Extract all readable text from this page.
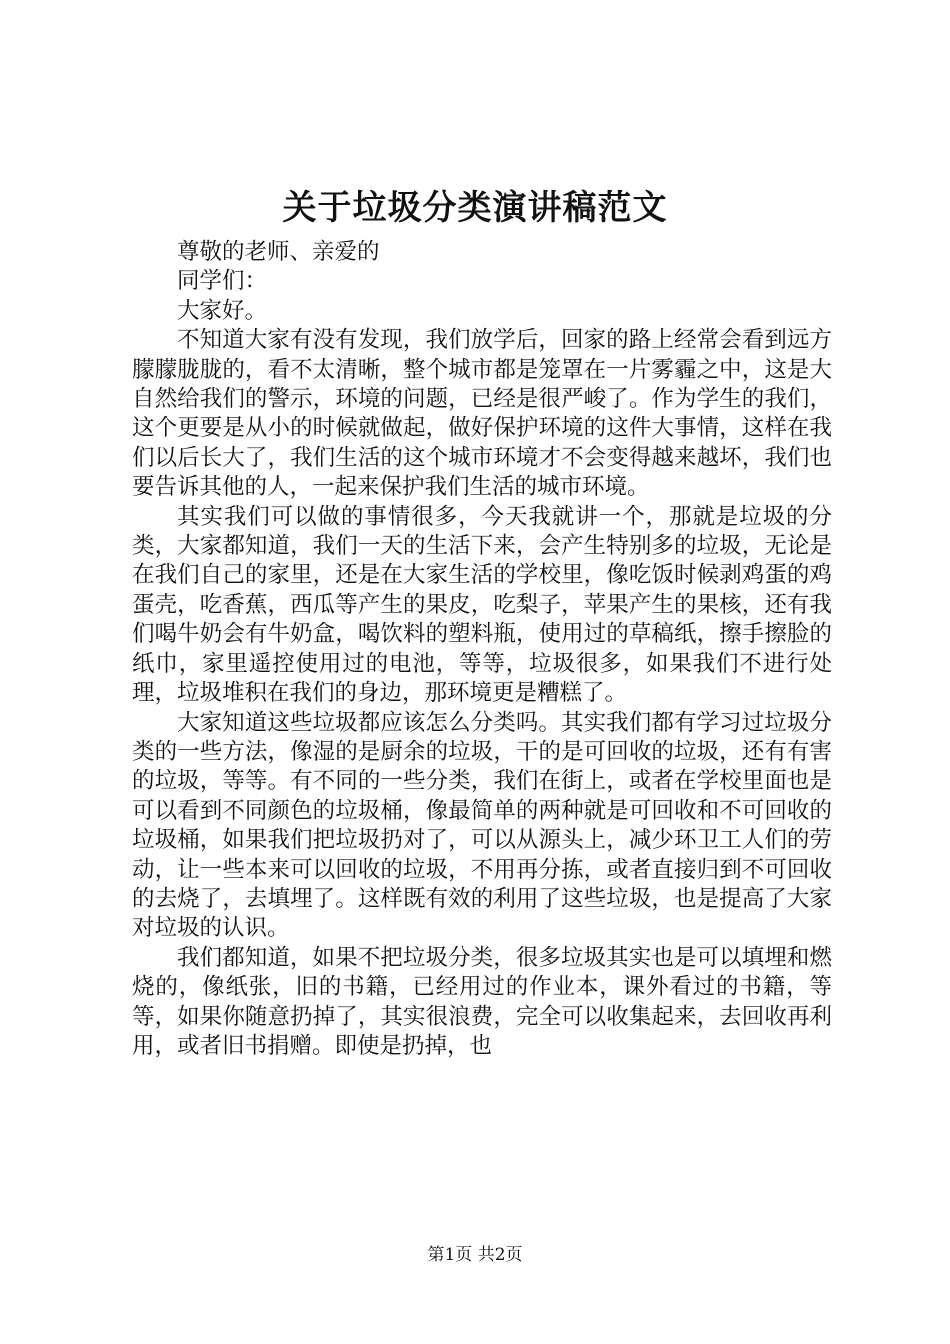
关于垃圾分类演讲稿范文

尊敬的老师、亲爱的

同学们：

大家好。

不知道大家有没有发现，我们放学后，回家的路上经常会看到远方朦朦胧胧的，看不太清晰，整个城市都是笼罩在一片雾霾之中，这是大自然给我们的警示，环境的问题，已经是很严峻了。作为学生的我们，这个更要是从小的时候就做起，做好保护环境的这件大事情，这样在我们以后长大了，我们生活的这个城市环境才不会变得越来越坏，我们也要告诉其他的人，一起来保护我们生活的城市环境。

其实我们可以做的事情很多，今天我就讲一个，那就是垃圾的分类，大家都知道，我们一天的生活下来，会产生特别多的垃圾，无论是在我们自己的家里，还是在大家生活的学校里，像吃饭时候剥鸡蛋的鸡蛋壳，吃香蕉，西瓜等产生的果皮，吃梨子，苹果产生的果核，还有我们喝牛奶会有牛奶盒，喝饮料的塑料瓶，使用过的草稿纸，擦手擦脸的纸巾，家里遥控使用过的电池，等等，垃圾很多，如果我们不进行处理，垃圾堆积在我们的身边，那环境更是糟糕了。

大家知道这些垃圾都应该怎么分类吗。其实我们都有学习过垃圾分类的一些方法，像湿的是厨余的垃圾，干的是可回收的垃圾，还有有害的垃圾，等等。有不同的一些分类，我们在街上，或者在学校里面也是可以看到不同颜色的垃圾桶，像最简单的两种就是可回收和不可回收的垃圾桶，如果我们把垃圾扔对了，可以从源头上，减少环卫工人们的劳动，让一些本来可以回收的垃圾，不用再分拣，或者直接归到不可回收的去烧了，去填埋了。这样既有效的利用了这些垃圾，也是提高了大家对垃圾的认识。

我们都知道，如果不把垃圾分类，很多垃圾其实也是可以填埋和燃烧的，像纸张，旧的书籍，已经用过的作业本，课外看过的书籍，等等，如果你随意扔掉了，其实很浪费，完全可以收集起来，去回收再利用，或者旧书捐赠。即使是扔掉，也

第1页 共2页
